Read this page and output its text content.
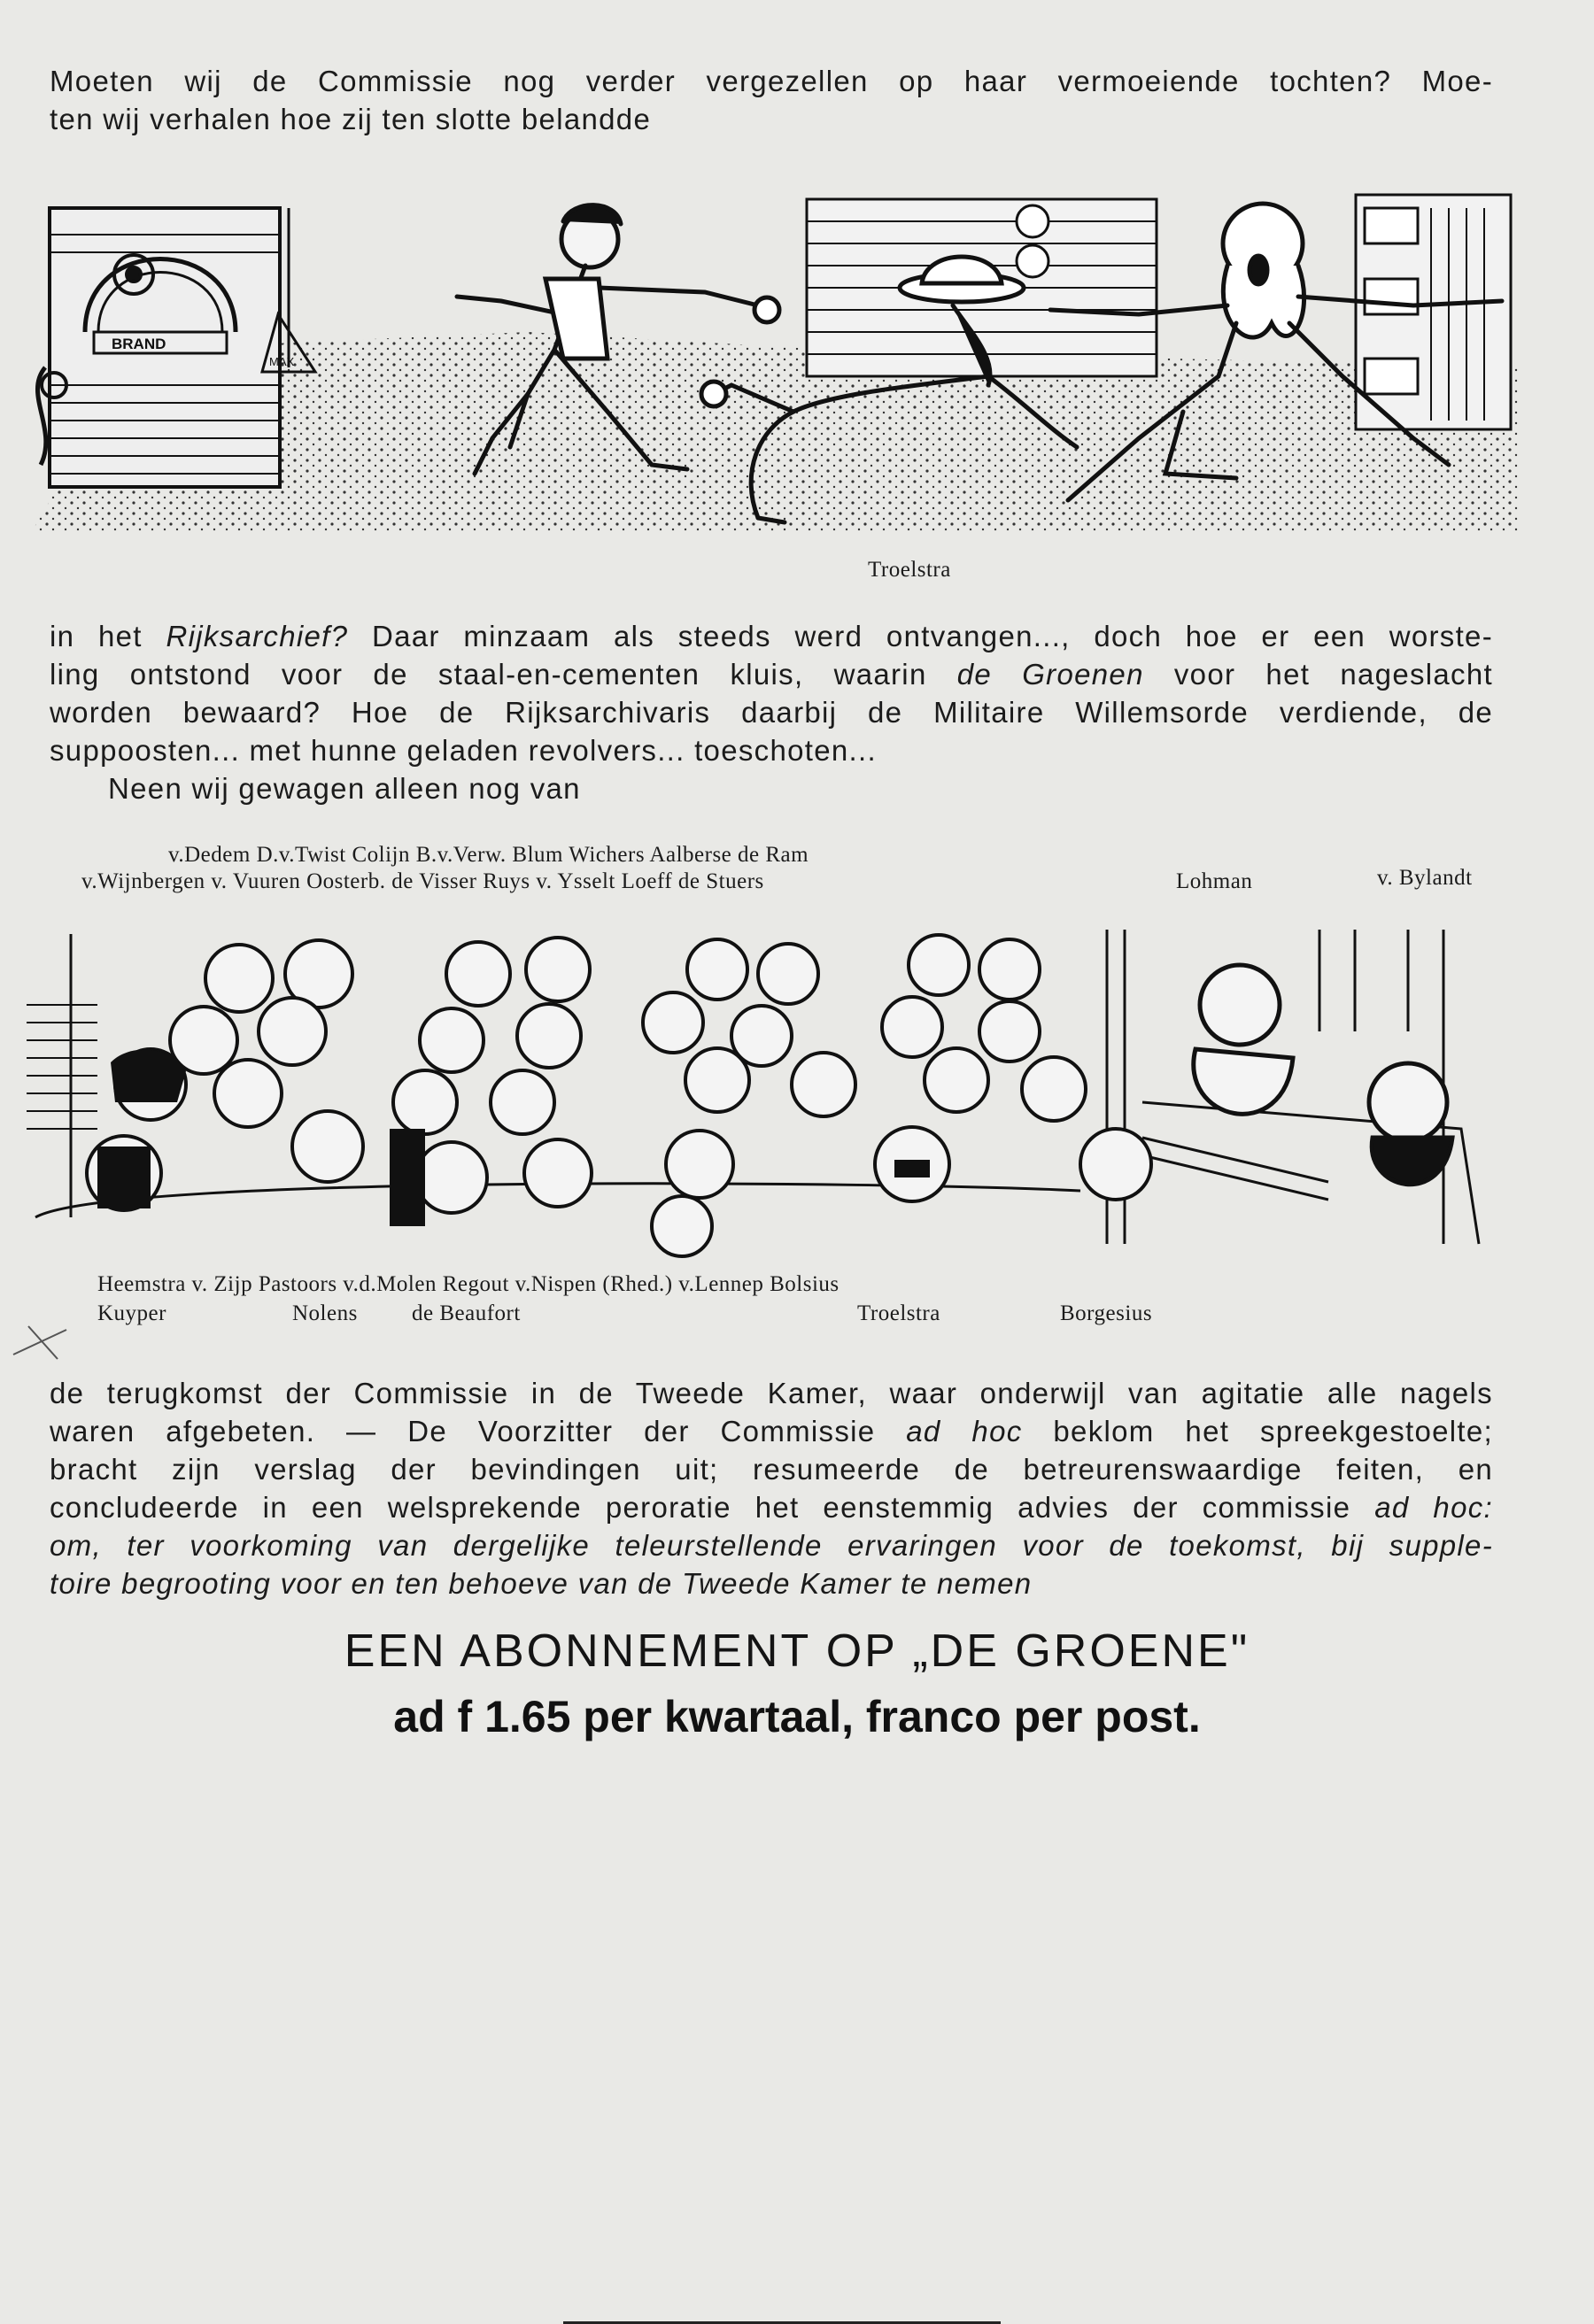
Moeten wij de Commissie nog verder vergezellen op haar vermoeiende tochten? Moe-
ten wij verhalen hoe zij ten slotte belandde
BRAND
MAX
Troelstra
in het Rijksarchief? Daar minzaam als steeds werd ontvangen..., doch hoe er een worste-
ling ontstond voor de staal-en-cementen kluis, waarin de Groenen voor het nageslacht
worden bewaard? Hoe de Rijksarchivaris daarbij de Militaire Willemsorde verdiende, de
suppoosten... met hunne geladen revolvers... toeschoten...
Neen wij gewagen alleen nog van
v.Dedem D.v.Twist Colijn B.v.Verw. Blum Wichers Aalberse de Ram
v.Wijnbergen v. Vuuren Oosterb. de Visser Ruys v. Ysselt Loeff de Stuers	Lohman	v. Bylandt
Heemstra v. Zijp Pastoors v.d.Molen Regout v.Nispen (Rhed.) v.Lennep Bolsius
Kuyper	Nolens de Beaufort	Troelstra	Borgesius
de terugkomst der Commissie in de Tweede Kamer, waar onderwijl van agitatie alle nagels
waren afgebeten. — De Voorzitter der Commissie ad hoc beklom het spreekgestoelte;
bracht zijn verslag der bevindingen uit; resumeerde de betreurenswaardige feiten, en
concludeerde in een welsprekende peroratie het eenstemmig advies der commissie ad hoc:
om, ter voorkoming van dergelijke teleurstellende ervaringen voor de toekomst, bij supple-
toire begrooting voor en ten behoeve van de Tweede Kamer te nemen
EEN ABONNEMENT OP „DE GROENE"
ad f 1.65 per kwartaal, franco per post.
